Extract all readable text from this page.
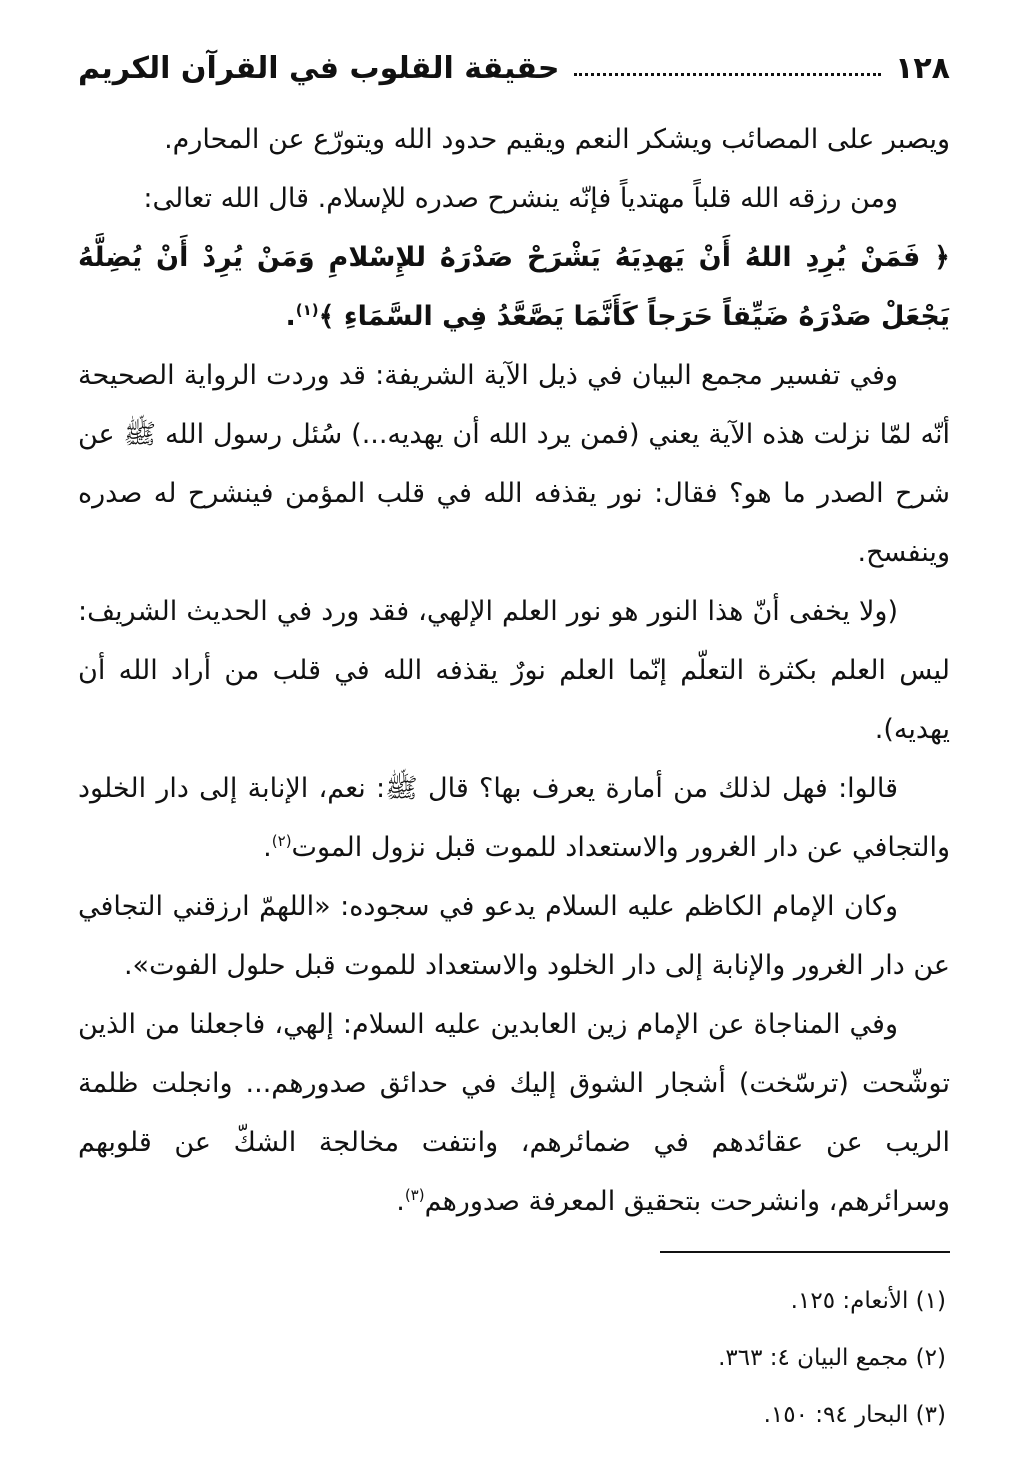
١٢٨
حقيقة القلوب في القرآن الكريم

ويصبر على المصائب ويشكر النعم ويقيم حدود الله ويتورّع عن المحارم.

ومن رزقه الله قلباً مهتدياً فإنّه ينشرح صدره للإسلام. قال الله تعالى:

﴿ فَمَنْ يُرِدِ اللهُ أَنْ يَهدِيَهُ يَشْرَحْ صَدْرَهُ للإِسْلامِ وَمَنْ يُرِدْ أَنْ يُضِلَّهُ يَجْعَلْ صَدْرَهُ ضَيِّقاً حَرَجاً كَأَنَّمَا يَصَّعَّدُ فِي السَّمَاءِ ﴾$^{(١)}$.

وفي تفسير مجمع البيان في ذيل الآية الشريفة: قد وردت الرواية الصحيحة أنّه لمّا نزلت هذه الآية يعني (فمن يرد الله أن يهديه...) سُئل رسول الله ﷺ عن شرح الصدر ما هو؟ فقال: نور يقذفه الله في قلب المؤمن فينشرح له صدره وينفسح.

(ولا يخفى أنّ هذا النور هو نور العلم الإلهي، فقد ورد في الحديث الشريف: ليس العلم بكثرة التعلّم إنّما العلم نورٌ يقذفه الله في قلب من أراد الله أن يهديه).

قالوا: فهل لذلك من أمارة يعرف بها؟ قال ﷺ: نعم، الإنابة إلى دار الخلود والتجافي عن دار الغرور والاستعداد للموت قبل نزول الموت$^{(٢)}$.

وكان الإمام الكاظم عليه السلام يدعو في سجوده: «اللهمّ ارزقني التجافي عن دار الغرور والإنابة إلى دار الخلود والاستعداد للموت قبل حلول الفوت».

وفي المناجاة عن الإمام زين العابدين عليه السلام: إلهي، فاجعلنا من الذين توشّحت (ترسّخت) أشجار الشوق إليك في حدائق صدورهم... وانجلت ظلمة الريب عن عقائدهم في ضمائرهم، وانتفت مخالجة الشكّ عن قلوبهم وسرائرهم، وانشرحت بتحقيق المعرفة صدورهم$^{(٣)}$.

(١) الأنعام: ١٢٥.

(٢) مجمع البيان ٤: ٣٦٣.

(٣) البحار ٩٤: ١٥٠.
